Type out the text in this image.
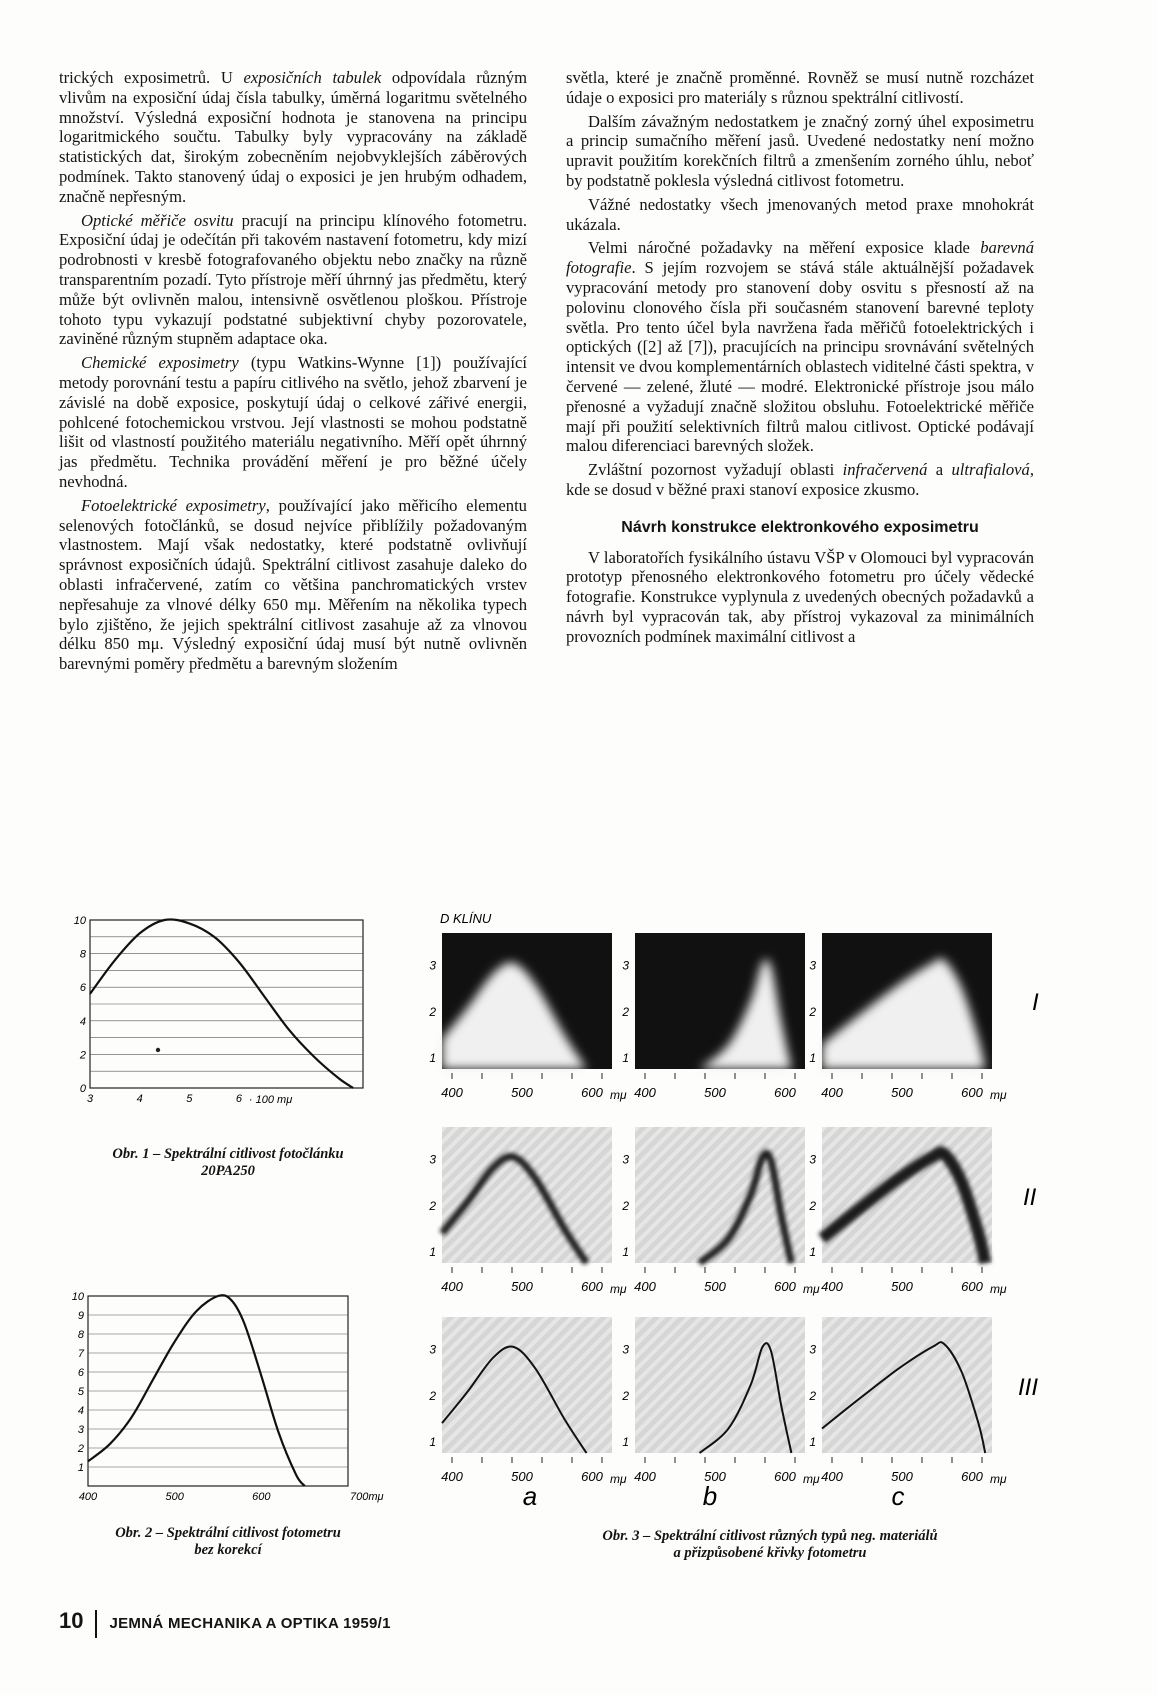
trických exposimetrů. U exposičních tabulek odpovídala různým vlivům na exposiční údaj čísla tabulky, úměrná logaritmu světelného množství. Výsledná exposiční hodnota je stanovena na principu logaritmického součtu. Tabulky byly vypracovány na základě statistických dat, širokým zobecněním nejobvyklejších záběrových podmínek. Takto stanovený údaj o exposici je jen hrubým odhadem, značně nepřesným.

Optické měřiče osvitu pracují na principu klínového fotometru. Exposiční údaj je odečítán při takovém nastavení fotometru, kdy mizí podrobnosti v kresbě fotografovaného objektu nebo značky na různě transparentním pozadí. Tyto přístroje měří úhrnný jas předmětu, který může být ovlivněn malou, intensivně osvětlenou ploškou. Přístroje tohoto typu vykazují podstatné subjektivní chyby pozorovatele, zaviněné různým stupněm adaptace oka.

Chemické exposimetry (typu Watkins-Wynne [1]) používající metody porovnání testu a papíru citlivého na světlo, jehož zbarvení je závislé na době exposice, poskytují údaj o celkové zářivé energii, pohlcené fotochemickou vrstvou. Její vlastnosti se mohou podstatně lišit od vlastností použitého materiálu negativního. Měří opět úhrnný jas předmětu. Technika provádění měření je pro běžné účely nevhodná.

Fotoelektrické exposimetry, používající jako měřicího elementu selenových fotočlánků, se dosud nejvíce přiblížily požadovaným vlastnostem. Mají však nedostatky, které podstatně ovlivňují správnost exposičních údajů. Spektrální citlivost zasahuje daleko do oblasti infračervené, zatím co většina panchromatických vrstev nepřesahuje za vlnové délky 650 mμ. Měřením na několika typech bylo zjištěno, že jejich spektrální citlivost zasahuje až za vlnovou délku 850 mμ. Výsledný exposiční údaj musí být nutně ovlivněn barevnými poměry předmětu a barevným složením

světla, které je značně proměnné. Rovněž se musí nutně rozcházet údaje o exposici pro materiály s různou spektrální citlivostí.

Dalším závažným nedostatkem je značný zorný úhel exposimetru a princip sumačního měření jasů. Uvedené nedostatky není možno upravit použitím korekčních filtrů a zmenšením zorného úhlu, neboť by podstatně poklesla výsledná citlivost fotometru.

Vážné nedostatky všech jmenovaných metod praxe mnohokrát ukázala.

Velmi náročné požadavky na měření exposice klade barevná fotografie. S jejím rozvojem se stává stále aktuálnější požadavek vypracování metody pro stanovení doby osvitu s přesností až na polovinu clonového čísla při současném stanovení barevné teploty světla. Pro tento účel byla navržena řada měřičů fotoelektrických i optických ([2] až [7]), pracujících na principu srovnávání světelných intensit ve dvou komplementárních oblastech viditelné části spektra, v červené — zelené, žluté — modré. Elektronické přístroje jsou málo přenosné a vyžadují značně složitou obsluhu. Fotoelektrické měřiče mají při použití selektivních filtrů malou citlivost. Optické podávají malou diferenciaci barevných složek.

Zvláštní pozornost vyžadují oblasti infračervená a ultrafialová, kde se dosud v běžné praxi stanoví exposice zkusmo.

Návrh konstrukce elektronkového exposimetru

V laboratořích fysikálního ústavu VŠP v Olomouci byl vypracován prototyp přenosného elektronkového fotometru pro účely vědecké fotografie. Konstrukce vyplynula z uvedených obecných požadavků a návrh byl vypracován tak, aby přístroj vykazoval za minimálních provozních podmínek maximální citlivost a

0
2
4
6
8
10
3	4	5	6 · 100 mμ
Obr. 1 – Spektrální citlivost fotočlánku
20PA250
1
2
3
4
5
6
7
8
9
10
400	500	600	700mμ
Obr. 2 – Spektrální citlivost fotometru
bez korekcí
D KLÍNU
1
2
3
400	500	600 mμ
1
2
3
400	500	600
1
2
3
400	500	600 mμ
1
2
3
400	500	600 mμ
1
2
3
400	500	600 mμ
1
2
3
400	500	600 mμ
1
2
3
400	500	600 mμ
1
2
3
400	500	600 mμ
1
2
3
400	500	600 mμ
II
III
a	b	c
I
Obr. 3 – Spektrální citlivost různých typů neg. materiálů
a přizpůsobené křivky fotometru
10 JEMNÁ MECHANIKA A OPTIKA 1959/1
